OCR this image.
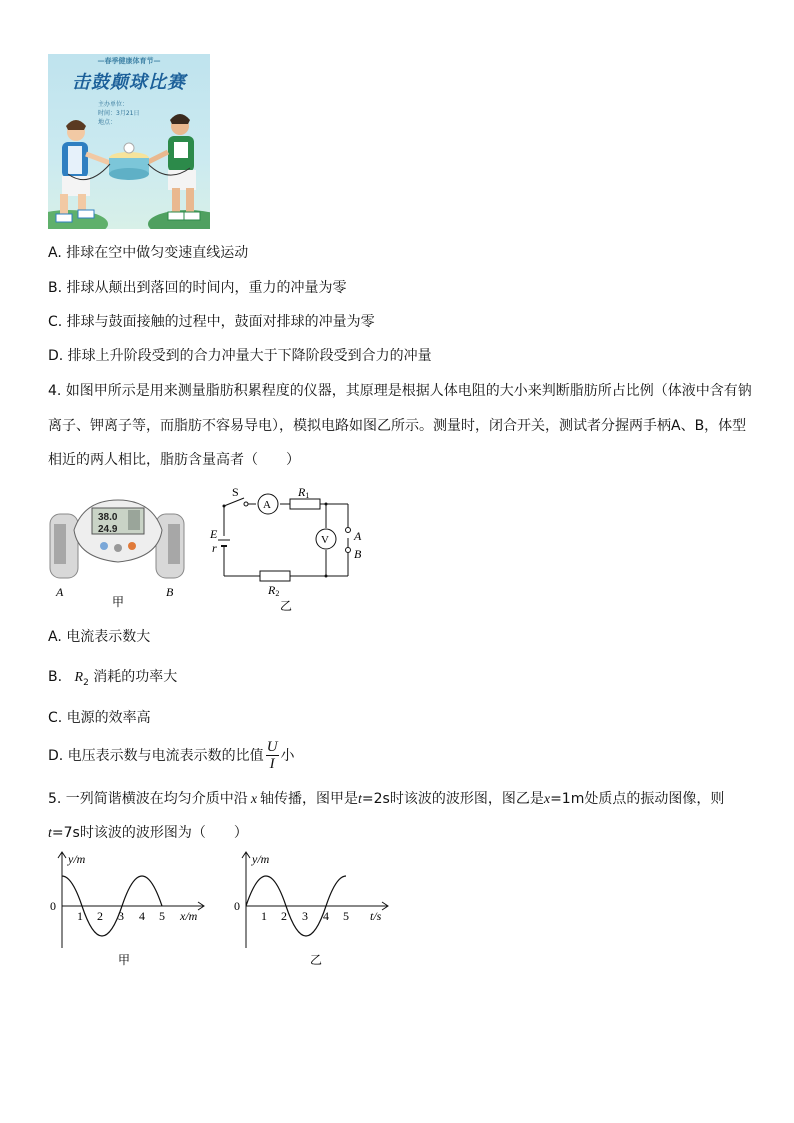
—春季健康体育节—
击鼓颠球比赛
主办单位：
时间：3月21日
地点：
A. 排球在空中做匀变速直线运动
B. 排球从颠出到落回的时间内，重力的冲量为零
C. 排球与鼓面接触的过程中，鼓面对排球的冲量为零
D. 排球上升阶段受到的合力冲量大于下降阶段受到合力的冲量
4. 如图甲所示是用来测量脂肪积累程度的仪器，其原理是根据人体电阻的大小来判断脂肪所占比例（体液中含有钠
离子、钾离子等，而脂肪不容易导电），模拟电路如图乙所示。测量时，闭合开关，测试者分握两手柄A、B，体型
相近的两人相比，脂肪含量高者（　　）
38.0
24.9
A	B
甲
S
A
V
R1
R2
E
r
A
B
乙
A. 电流表示数大
B. $R_2$ 消耗的功率大
C. 电源的效率高
D. 电压表示数与电流表示数的比值 $\frac{U}{I}$ 小
5. 一列简谐横波在均匀介质中沿 x 轴传播，图甲是t=2s时该波的波形图，图乙是x=1m处质点的振动图像，则
t=7s时该波的波形图为（　　）
y/m
0
1 2 3 4 5 x/m
甲
y/m
0
1 2 3 4 5 t/s
乙
